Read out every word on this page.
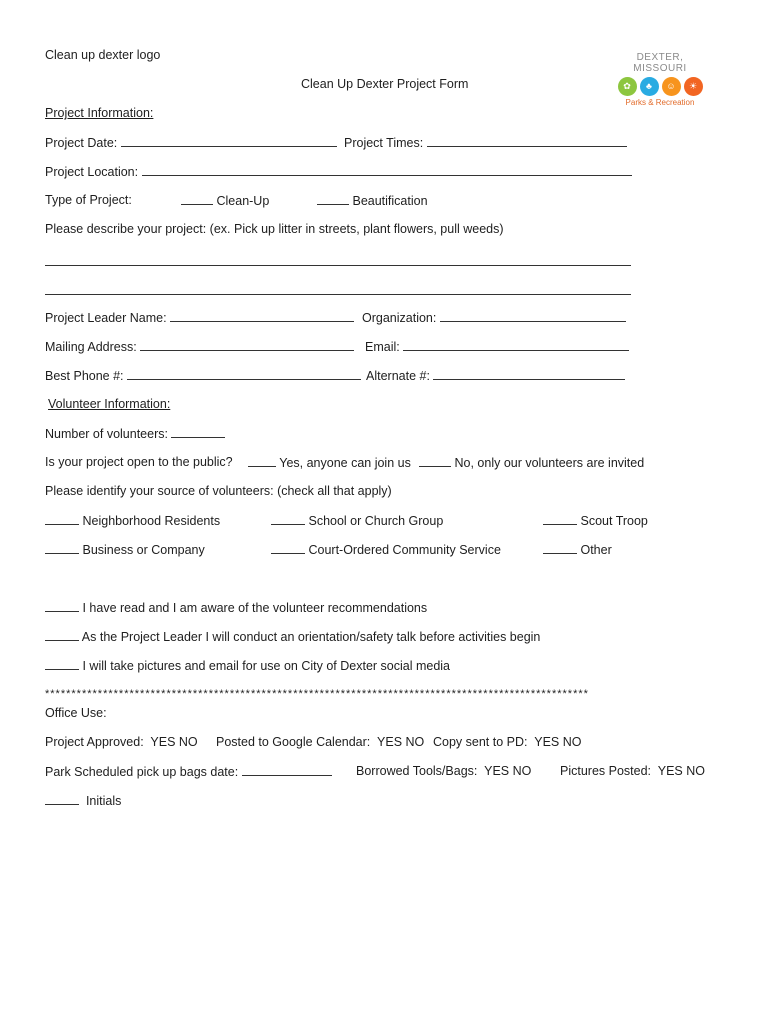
Clean up dexter logo	DEXTER, MISSOURI
✿	♣	☺	☀
Parks & Recreation
Clean Up Dexter Project Form
Project Information:
Project Date:	Project Times:
Project Location:
Type of Project:	Clean-Up	Beautification
Please describe your project: (ex. Pick up litter in streets, plant flowers, pull weeds)
Project Leader Name:	Organization:
Mailing Address:	Email:
Best Phone #:	Alternate #:
Volunteer Information:
Number of volunteers:
Is your project open to the public?	Yes, anyone can join us	No, only our volunteers are invited
Please identify your source of volunteers: (check all that apply)
Neighborhood Residents	School or Church Group	Scout Troop
Business or Company	Court-Ordered Community Service	Other
I have read and I am aware of the volunteer recommendations
As the Project Leader I will conduct an orientation/safety talk before activities begin
I will take pictures and email for use on City of Dexter social media
*******************************************************************************************************
Office Use:
Project Approved: YES NO Posted to Google Calendar: YES NO Copy sent to PD: YES NO
Park Scheduled pick up bags date:	Borrowed Tools/Bags: YES NO Pictures Posted: YES NO
Initials
